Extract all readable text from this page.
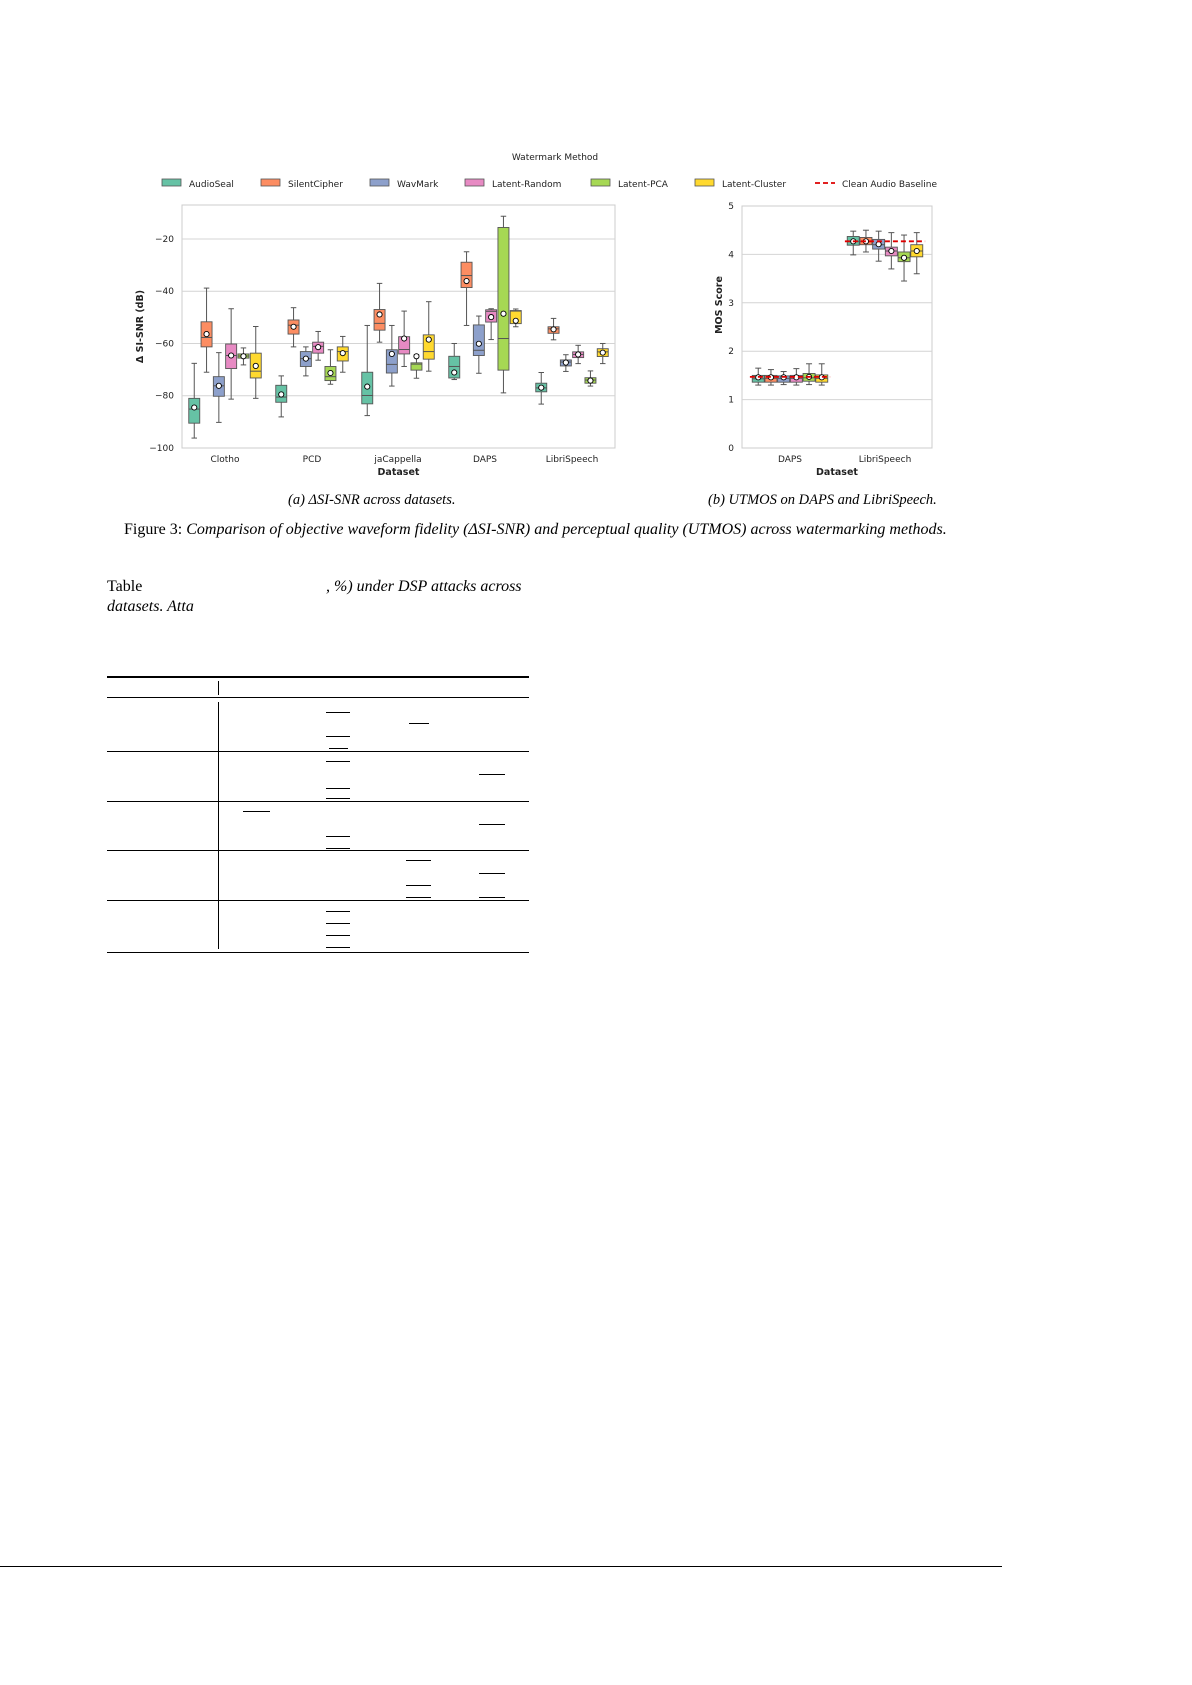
Watermark Method
AudioSeal	SilentCipher	WavMark	Latent-Random	Latent-PCA	Latent-Cluster	Clean Audio Baseline
−100
−80
−60
−40
−20
Clotho	PCD	jaCappella	DAPS	LibriSpeech
Dataset
Δ SI-SNR (dB)
0
1
2
3
4
5
DAPS	LibriSpeech
Dataset
MOS Score
(a) ΔSI-SNR across datasets.	(b) UTMOS on DAPS and LibriSpeech.
Figure 3: Comparison of objective waveform fidelity (ΔSI-SNR) and perceptual quality (UTMOS) across watermarking methods.
Table	, %) under DSP attacks across
datasets. Atta
